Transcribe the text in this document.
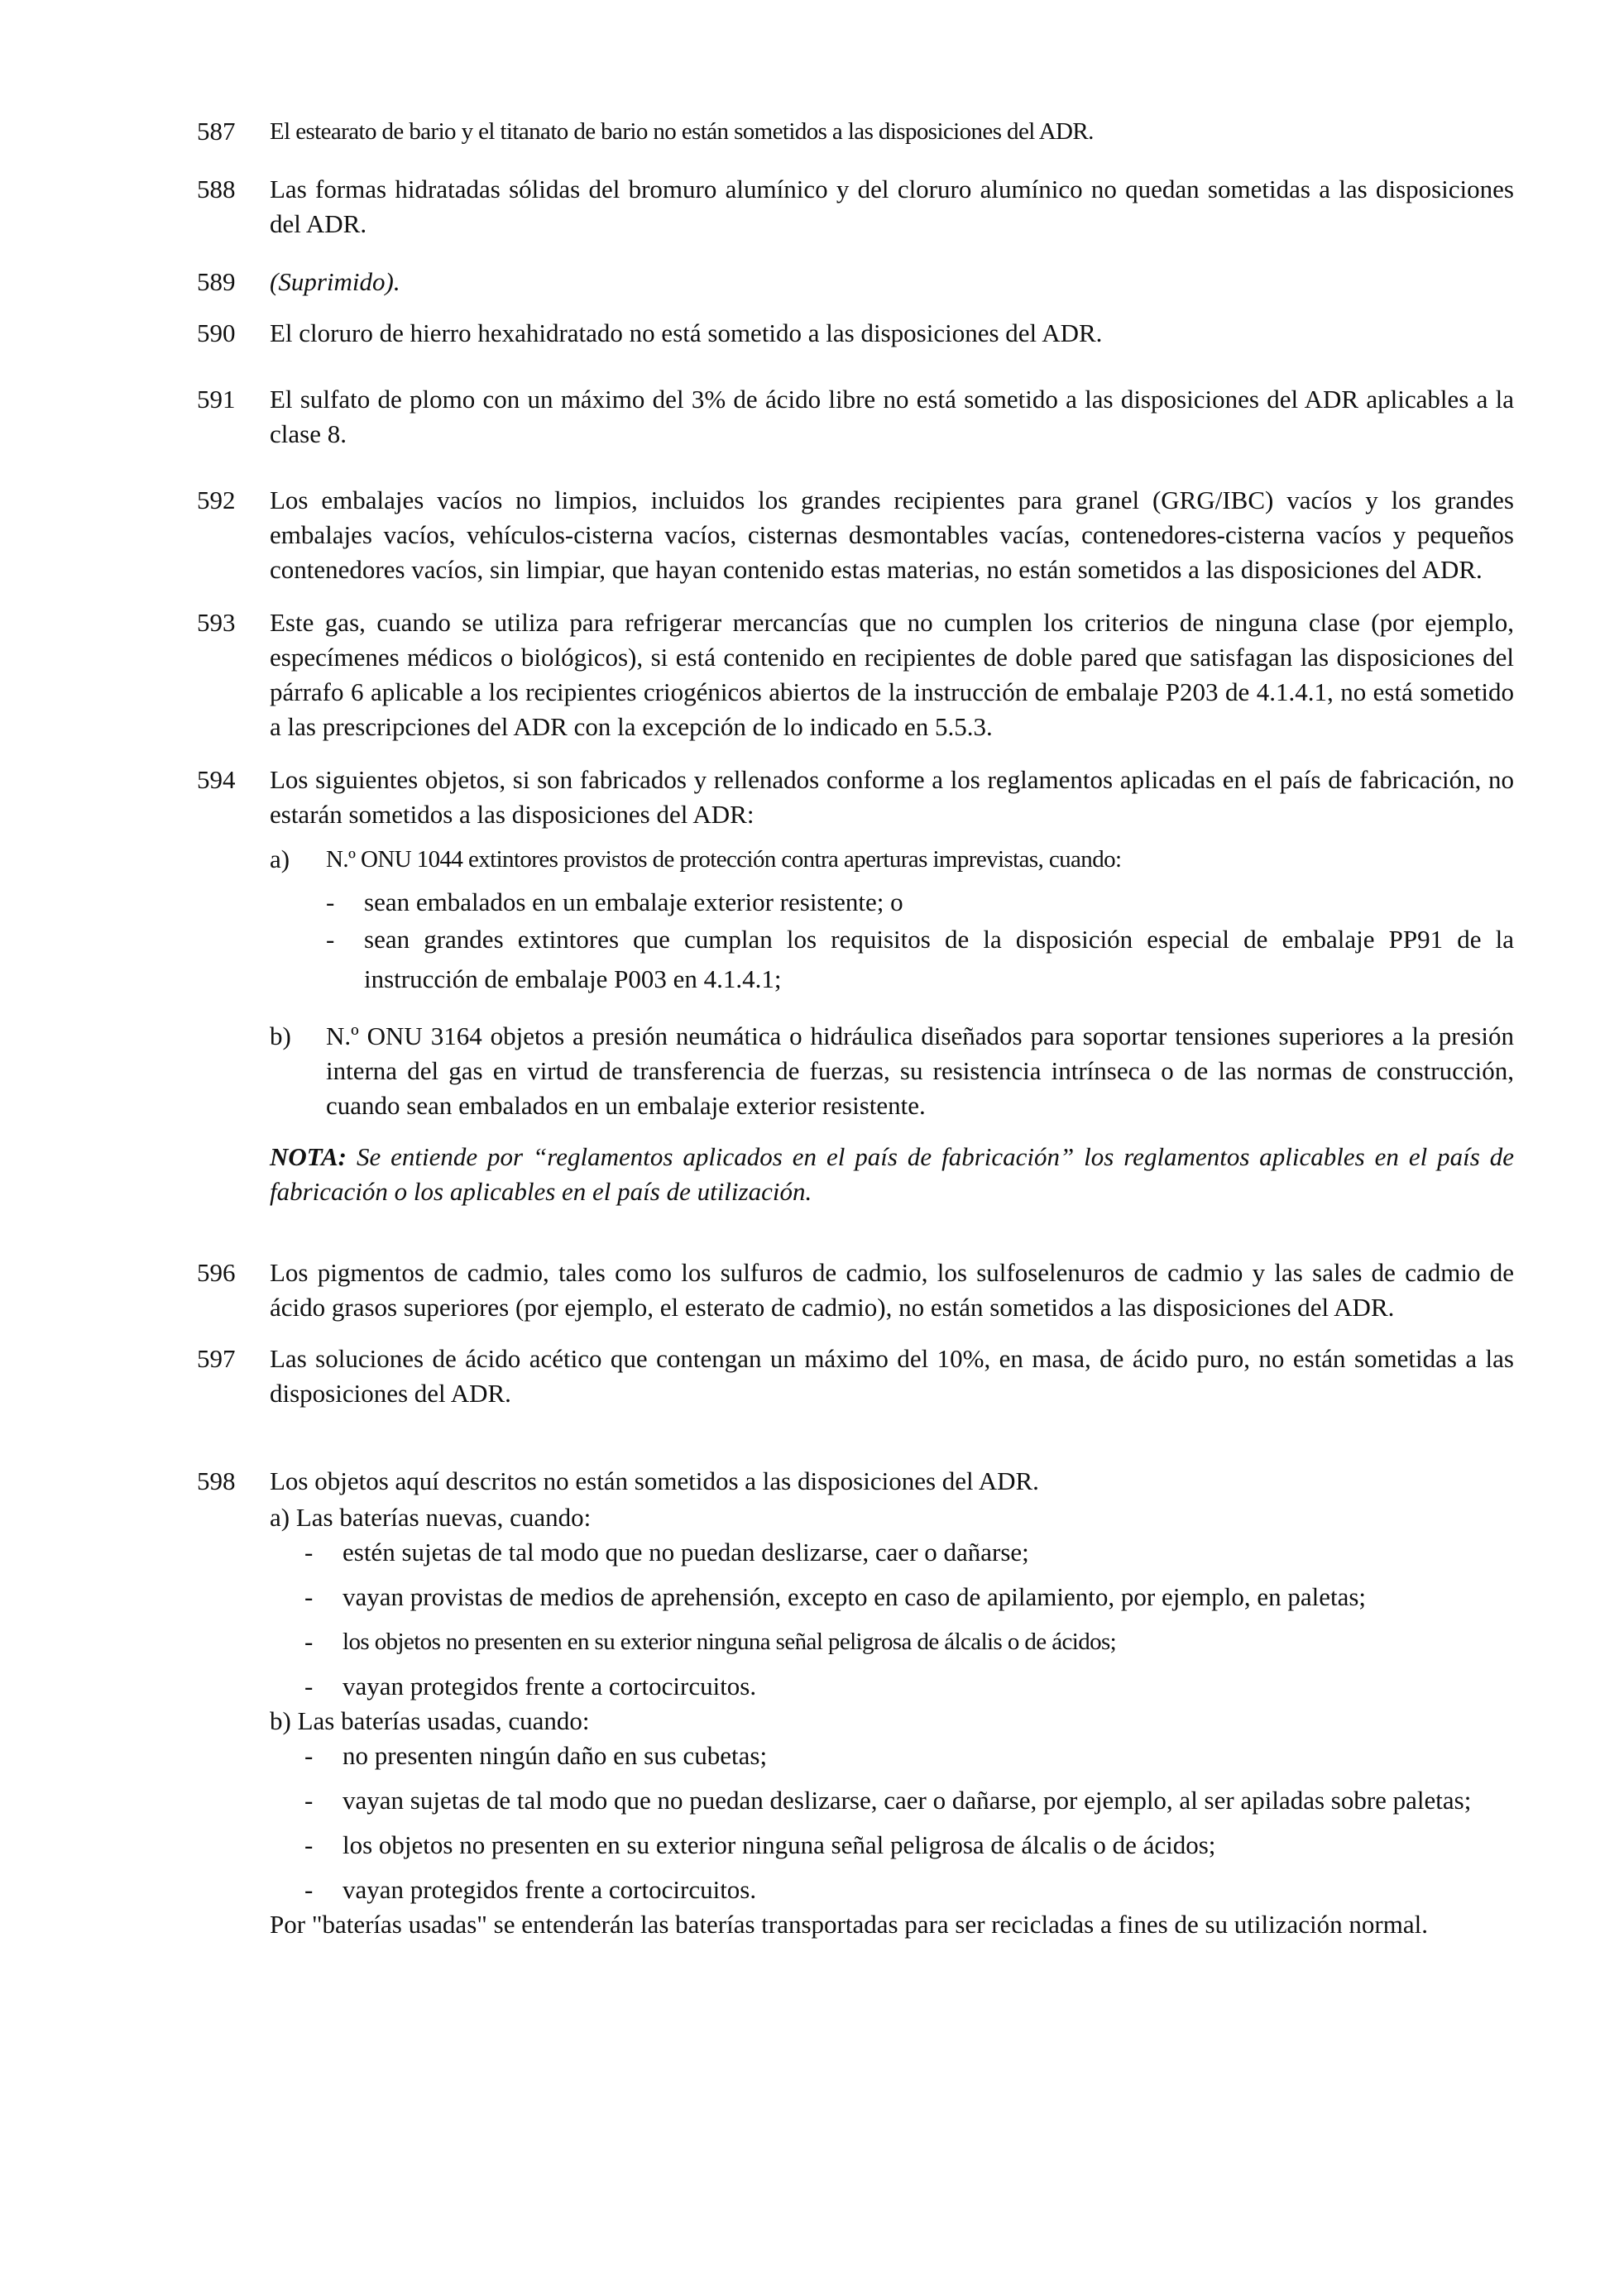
587	El estearato de bario y el titanato de bario no están sometidos a las disposiciones del ADR.

588	Las formas hidratadas sólidas del bromuro alumínico y del cloruro alumínico no quedan sometidas a las disposiciones del ADR.

589	(Suprimido).

590	El cloruro de hierro hexahidratado no está sometido a las disposiciones del ADR.

591	El sulfato de plomo con un máximo del 3% de ácido libre no está sometido a las disposiciones del ADR aplicables a la clase 8.

592	Los embalajes vacíos no limpios, incluidos los grandes recipientes para granel (GRG/IBC) vacíos y los grandes embalajes vacíos, vehículos-cisterna vacíos, cisternas desmontables vacías, contenedores-cisterna vacíos y pequeños contenedores vacíos, sin limpiar, que hayan contenido estas materias, no están sometidos a las disposiciones del ADR.

593	Este gas, cuando se utiliza para refrigerar mercancías que no cumplen los criterios de ninguna clase (por ejemplo, especímenes médicos o biológicos), si está contenido en recipientes de doble pared que satisfagan las disposiciones del párrafo 6 aplicable a los recipientes criogénicos abiertos de la instrucción de embalaje P203 de 4.1.4.1, no está sometido a las prescripciones del ADR con la excepción de lo indicado en 5.5.3.

594	Los siguientes objetos, si son fabricados y rellenados conforme a los reglamentos aplicadas en el país de fabricación, no estarán sometidos a las disposiciones del ADR:

a)	N.º ONU 1044 extintores provistos de protección contra aperturas imprevistas, cuando:
-	sean embalados en un embalaje exterior resistente; o
-	sean grandes extintores que cumplan los requisitos de la disposición especial de embalaje PP91 de la instrucción de embalaje P003 en 4.1.4.1;
b)	N.º ONU 3164 objetos a presión neumática o hidráulica diseñados para soportar tensiones superiores a la presión interna del gas en virtud de transferencia de fuerzas, su resistencia intrínseca o de las normas de construcción, cuando sean embalados en un embalaje exterior resistente.

NOTA: Se entiende por “reglamentos aplicados en el país de fabricación” los reglamentos aplicables en el país de fabricación o los aplicables en el país de utilización.

596	Los pigmentos de cadmio, tales como los sulfuros de cadmio, los sulfoselenuros de cadmio y las sales de cadmio de ácido grasos superiores (por ejemplo, el esterato de cadmio), no están sometidos a las disposiciones del ADR.

597	Las soluciones de ácido acético que contengan un máximo del 10%, en masa, de ácido puro, no están sometidas a las disposiciones del ADR.

598	Los objetos aquí descritos no están sometidos a las disposiciones del ADR.

a) Las baterías nuevas, cuando:
-	estén sujetas de tal modo que no puedan deslizarse, caer o dañarse;
-	vayan provistas de medios de aprehensión, excepto en caso de apilamiento, por ejemplo, en paletas;
-	los objetos no presenten en su exterior ninguna señal peligrosa de álcalis o de ácidos;
-	vayan protegidos frente a cortocircuitos.
b) Las baterías usadas, cuando:
-	no presenten ningún daño en sus cubetas;
-	vayan sujetas de tal modo que no puedan deslizarse, caer o dañarse, por ejemplo, al ser apiladas sobre paletas;
-	los objetos no presenten en su exterior ninguna señal peligrosa de álcalis o de ácidos;
-	vayan protegidos frente a cortocircuitos.

Por "baterías usadas" se entenderán las baterías transportadas para ser recicladas a fines de su utilización normal.
